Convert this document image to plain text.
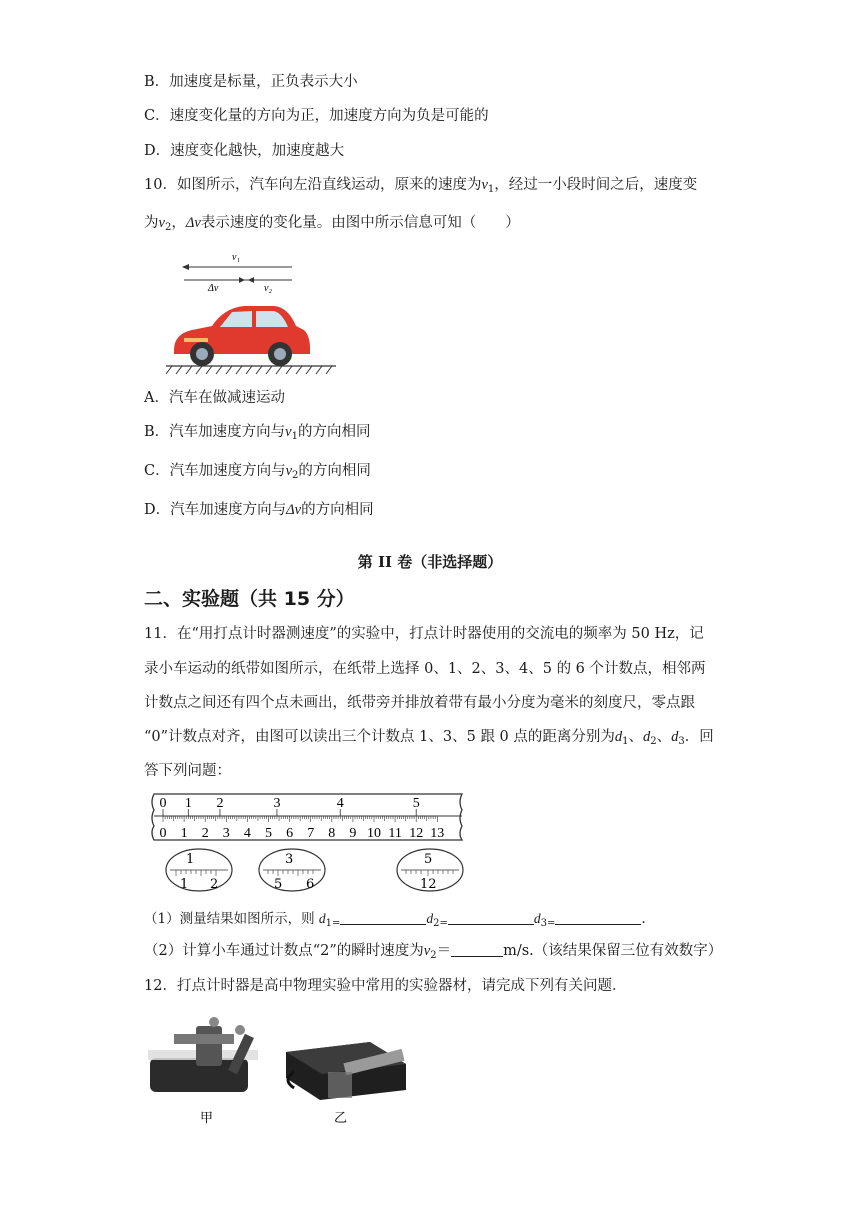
B．加速度是标量，正负表示大小
C．速度变化量的方向为正，加速度方向为负是可能的
D．速度变化越快，加速度越大
10．如图所示，汽车向左沿直线运动，原来的速度为$v_1$，经过一小段时间之后，速度变
为$v_2$，Δv表示速度的变化量。由图中所示信息可知（　　）
v₁
Δv	v₂
A．汽车在做减速运动
B．汽车加速度方向与$v_1$的方向相同
C．汽车加速度方向与$v_2$的方向相同
D．汽车加速度方向与Δv的方向相同
第 II 卷（非选择题）
二、实验题（共 15 分）
11．在“用打点计时器测速度”的实验中，打点计时器使用的交流电的频率为 50 Hz，记
录小车运动的纸带如图所示，在纸带上选择 0、1、2、3、4、5 的 6 个计数点，相邻两
计数点之间还有四个点未画出，纸带旁并排放着带有最小分度为毫米的刻度尺，零点跟
“0”计数点对齐，由图可以读出三个计数点 1、3、5 跟 0 点的距离分别为$d_1$、$d_2$、$d_3$．回
答下列问题：
0 1 2	3	4	5
0 1 2 3 4 5 6 7 8 9 10 11 12 13
1
1 2
3
5 6
5
12
（1）测量结果如图所示，则 $d_{1=}$	$d_{2=}$	$d_{3=}$	.
（2）计算小车通过计数点“2”的瞬时速度为$v_2=$	m/s.（该结果保留三位有效数字）
12．打点计时器是高中物理实验中常用的实验器材，请完成下列有关问题．
甲	乙
